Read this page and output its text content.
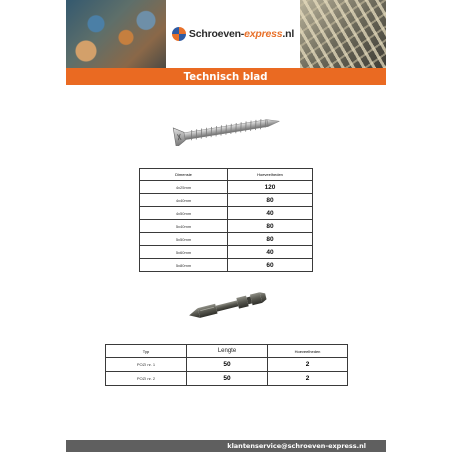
Schroeven-express.nl
Technisch blad
Dimensie	Hoeveelheden
4x25mm	120
4x40mm	80
4x50mm	40
5x40mm	80
5x50mm	80
5x60mm	40
5x80mm	60
Typ	Lengte	Hoeveelheden
POZI nr. 1	50	2
POZI nr. 2	50	2
klantenservice@schroeven-express.nl
